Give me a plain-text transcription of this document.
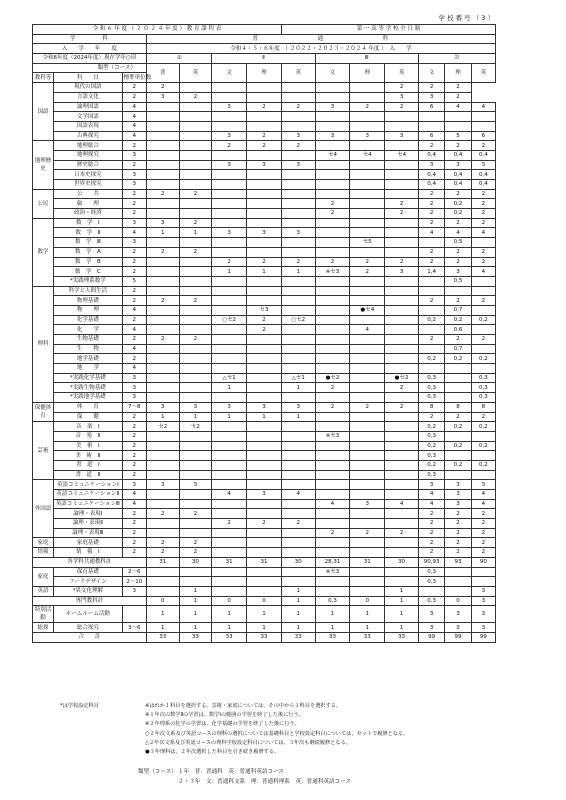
学 校 番 号 （ 3 ）
令 和 ６ 年 度 （ ２ ０ ２ ４ 年 度 ） 教 育 課 程 表							第 一 高 等 学 校 全 日 制						
学　　　　科			普　　　　　　　　　通　　　　　　　　　科										
入　　学　　年　　度			令和４・５・６年度　（ ２０２２・２０２３・２０２４ 年度 ）　入　　学										
令和6年度（2024年度）現在学年○印			①		Ⅱ			Ⅲ			計		
類型（コース）			普	英	文	理	英	文	理	英	文	理	英
教科等	科　　目	標準単位数											
国語	現代の国語	2	2							2	2	2	
	言語文化	2	3	2						3	3	2	
	論理国語	4			3	2	2	3	2	2	6	4	4
	文学国語	4											
	国語表現	4											
	古典探究	4			3	2	3	3	3	3	6	5	6
地理歴史	地理総合	2			2	2	2				2	2	2
	地理探究	3						セ4	セ4	セ4	0,4	0,4	0,4
	歴史総合	2			3	3	3				3	3	3
	日本史探究	3									0,4	0,4	0,4
	世界史探究	3									0,4	0,4	0,4
公民	公　　共	2	2	2							2	2	2
	倫　　理	2						2		2	2	0,2	2
	政治・経済	2						2		2	2	0,2	2
数学	数　学　Ⅰ	3	3	2							2	2	2
	数　学　Ⅱ	4	1	1	3	3	3				4	4	4
	数　学　Ⅲ	3							セ5			0,5	
	数　学　A	2	2	2							2	2	2
	数　学　B	2			2	2	2	2	2	2	2	2	2
	数　学　C	2			1	1	1	※セ3	2	3	1,4	3	4
	*実践理系数学	5										0,5	
理科	科学と人間生活	2											
	物理基礎	2	2	2							2	2	2
	物　　理	4				セ3			●セ4			0,7	
	化学基礎	2			○セ2	2	○セ2				0,2	0,2	0,2
	化　　学	4				2			4			0,6	
	生物基礎	2	2	2							2	2	2
	生　　物	4										0,7	
	地学基礎	2									0,2	0,2	0,2
	地　　学	4											
	*実践化学基礎	3			△セ1		△セ1	●セ2		●セ2	0,3		0,3
	*実践生物基礎	3			1		1	2		2	0,3		0,3
	*実践地学基礎	3									0,3		0,3
保健体育	体　　育	7～8	3	3	3	3	3	2	2	2	8	8	8
	保　　健	2	1	1	1	1	1				2	2	2
芸術	音　楽　Ⅰ	2	セ2	セ2							0,2	0,2	0,2
	音　楽　Ⅱ	2						※セ3			0,3		
	美　術　Ⅰ	2									0,2	0,2	0,2
	美　術　Ⅱ	2									0,3		
	書　道　Ⅰ	2									0,2	0,2	0,2
	書　道　Ⅱ	2									0,3		
外国語	英語コミュニケーションⅠ	3	3	3							3	3	3
	英語コミュニケーションⅡ	4			4	3	4				4	3	4
	英語コミュニケーションⅢ	4						4	3	4	4	3	4
	論理・表現Ⅰ	2	2	2							2	2	2
	論理・表現Ⅱ	2			2	2	2				2	2	2
	論理・表現Ⅲ	2						2	2	2	2	2	2
家庭	家庭基礎	2	2	2							2	2	2
情報	情　報　Ⅰ	2	2	2							2	2	2
各学科共通教科計			31	30	31	31	30	28,31	31	30	90,93	93	90
家庭	保育基礎	2～6						※セ3			0,3		
	フードデザイン	2～10									0,3		
英語	*異文化理解	3		1			1			1			3
専門教科計			0	1	0	0	1	0,3	0	1	0,3	0	3
特別活動	ホームルーム活動		1	1	1	1	1	1	1	1	3	3	3
総探	総合探究	3～6	1	1	1	1	1	1	1	1	3	3	3
合　　計			33	33	33	33	33	33	33	33	99	99	99
*は学校設定科目	※はれか１科目を選択する。芸術・家庭については、その中から１科目を選択する。
※１年次の数学Ⅱの学習は、数学Ⅰの範囲の学習を終了した後に行う。
※２年理系の化学の学習は、化学基礎の学習を終了した後に行う。
○２年次文系及び英語コースの理科の選択については基礎科目と学校設定科目については、セットで履修となる。
△２年次文系及び英語コースの理科学校設定科目については、３年次も継続履修となる。
●３年理科は、２年次選択した科目を引き続き履修する。
類型（コース） １年　普：普通科　英：普通科英語コース
２・３年　文：普通科文系　理：普通科理系　英：普通科英語コース
